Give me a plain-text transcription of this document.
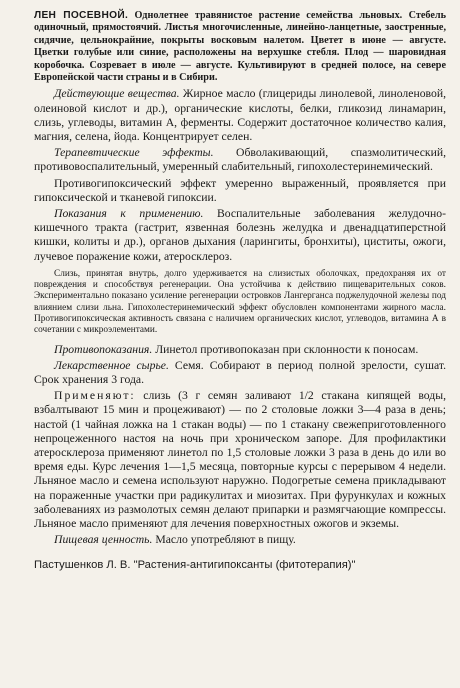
ЛЕН ПОСЕВНОЙ. Однолетнее травянистое растение семейства льновых. Стебель одиночный, прямостоячий. Листья многочисленные, линейно-ланцетные, заостренные, сидячие, цельнокрайние, покрыты восковым налетом. Цветет в июне — августе. Цветки голубые или синие, расположены на верхушке стебля. Плод — шаровидная коробочка. Созревает в июле — августе. Культивируют в средней полосе, на севере Европейской части страны и в Сибири.

Действующие вещества. Жирное масло (глицериды линолевой, линоленовой, олеиновой кислот и др.), органические кислоты, белки, гликозид линамарин, слизь, углеводы, витамин А, ферменты. Содержит достаточное количество калия, магния, селена, йода. Концентрирует селен.

Терапевтические эффекты. Обволакивающий, спазмолитический, противовоспалительный, умеренный слабительный, гипохолестеринемический.

Противогипоксический эффект умеренно выраженный, проявляется при гипоксической и тканевой гипоксии.

Показания к применению. Воспалительные заболевания желудочно-кишечного тракта (гастрит, язвенная болезнь желудка и двенадцатиперстной кишки, колиты и др.), органов дыхания (ларингиты, бронхиты), циститы, ожоги, лучевое поражение кожи, атеросклероз.

Слизь, принятая внутрь, долго удерживается на слизистых оболочках, предохраняя их от повреждения и способствуя регенерации. Она устойчива к действию пищеварительных соков. Экспериментально показано усиление регенерации островков Лангерганса поджелудочной железы под влиянием слизи льна. Гипохолестеринемический эффект обусловлен компонентами жирного масла. Противогипоксическая активность связана с наличием органических кислот, углеводов, витамина А в сочетании с микроэлементами.

Противопоказания. Линетол противопоказан при склонности к поносам.

Лекарственное сырье. Семя. Собирают в период полной зрелости, сушат. Срок хранения 3 года.

Применяют: слизь (3 г семян заливают 1/2 стакана кипящей воды, взбалтывают 15 мин и процеживают) — по 2 столовые ложки 3—4 раза в день; настой (1 чайная ложка на 1 стакан воды) — по 1 стакану свежеприготовленного непроцеженного настоя на ночь при хроническом запоре. Для профилактики атеросклероза применяют линетол по 1,5 столовые ложки 3 раза в день до или во время еды. Курс лечения 1—1,5 месяца, повторные курсы с перерывом 4 недели. Льняное масло и семена используют наружно. Подогретые семена прикладывают на пораженные участки при радикулитах и миозитах. При фурункулах и кожных заболеваниях из размолотых семян делают припарки и размягчающие компрессы. Льняное масло применяют для лечения поверхностных ожогов и экземы.

Пищевая ценность. Масло употребляют в пищу.

Пастушенков Л. В. "Растения-антигипоксанты (фитотерапия)"
